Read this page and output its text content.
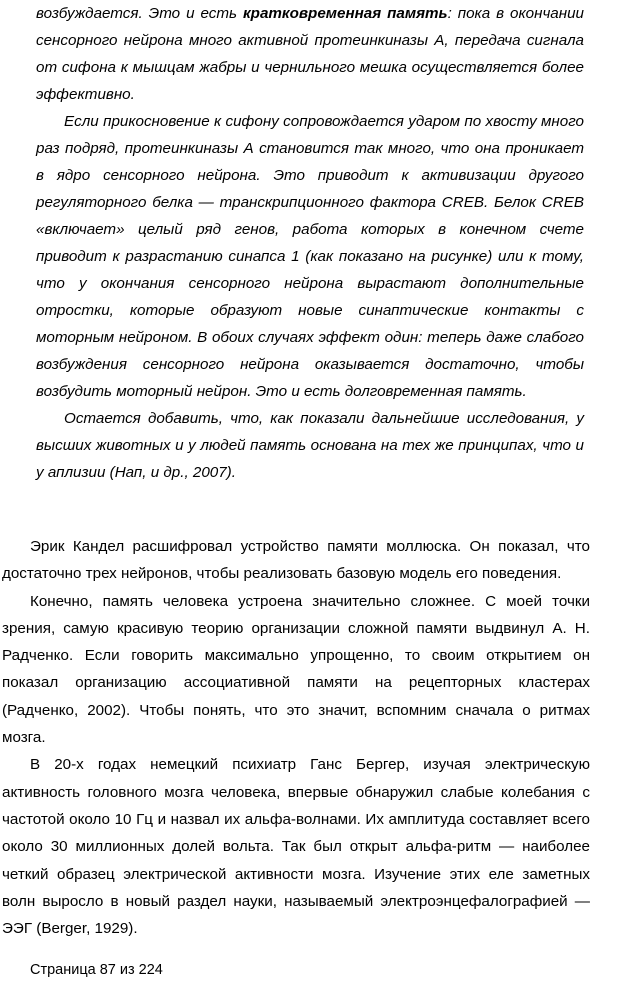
возбуждается. Это и есть кратковременная память: пока в окончании сенсорного нейрона много активной протеинкиназы А, передача сигнала от сифона к мышцам жабры и чернильного мешка осуществляется более эффективно.

Если прикосновение к сифону сопровождается ударом по хвосту много раз подряд, протеинкиназы А становится так много, что она проникает в ядро сенсорного нейрона. Это приводит к активизации другого регуляторного белка — транскрипционного фактора CREB. Белок CREB «включает» целый ряд генов, работа которых в конечном счете приводит к разрастанию синапса 1 (как показано на рисунке) или к тому, что у окончания сенсорного нейрона вырастают дополнительные отростки, которые образуют новые синаптические контакты с моторным нейроном. В обоих случаях эффект один: теперь даже слабого возбуждения сенсорного нейрона оказывается достаточно, чтобы возбудить моторный нейрон. Это и есть долговременная память.

Остается добавить, что, как показали дальнейшие исследования, у высших животных и у людей память основана на тех же принципах, что и у аплизии (Hап, и др., 2007).

Эрик Кандел расшифровал устройство памяти моллюска. Он показал, что достаточно трех нейронов, чтобы реализовать базовую модель его поведения.

Конечно, память человека устроена значительно сложнее. С моей точки зрения, самую красивую теорию организации сложной памяти выдвинул А. Н. Радченко. Если говорить максимально упрощенно, то своим открытием он показал организацию ассоциативной памяти на рецепторных кластерах (Радченко, 2002). Чтобы понять, что это значит, вспомним сначала о ритмах мозга.

В 20-х годах немецкий психиатр Ганс Бергер, изучая электрическую активность головного мозга человека, впервые обнаружил слабые колебания с частотой около 10 Гц и назвал их альфа-волнами. Их амплитуда составляет всего около 30 миллионных долей вольта. Так был открыт альфа-ритм — наиболее четкий образец электрической активности мозга. Изучение этих еле заметных волн выросло в новый раздел науки, называемый электроэнцефалографией — ЭЭГ (Berger, 1929).

Страница 87 из 224
